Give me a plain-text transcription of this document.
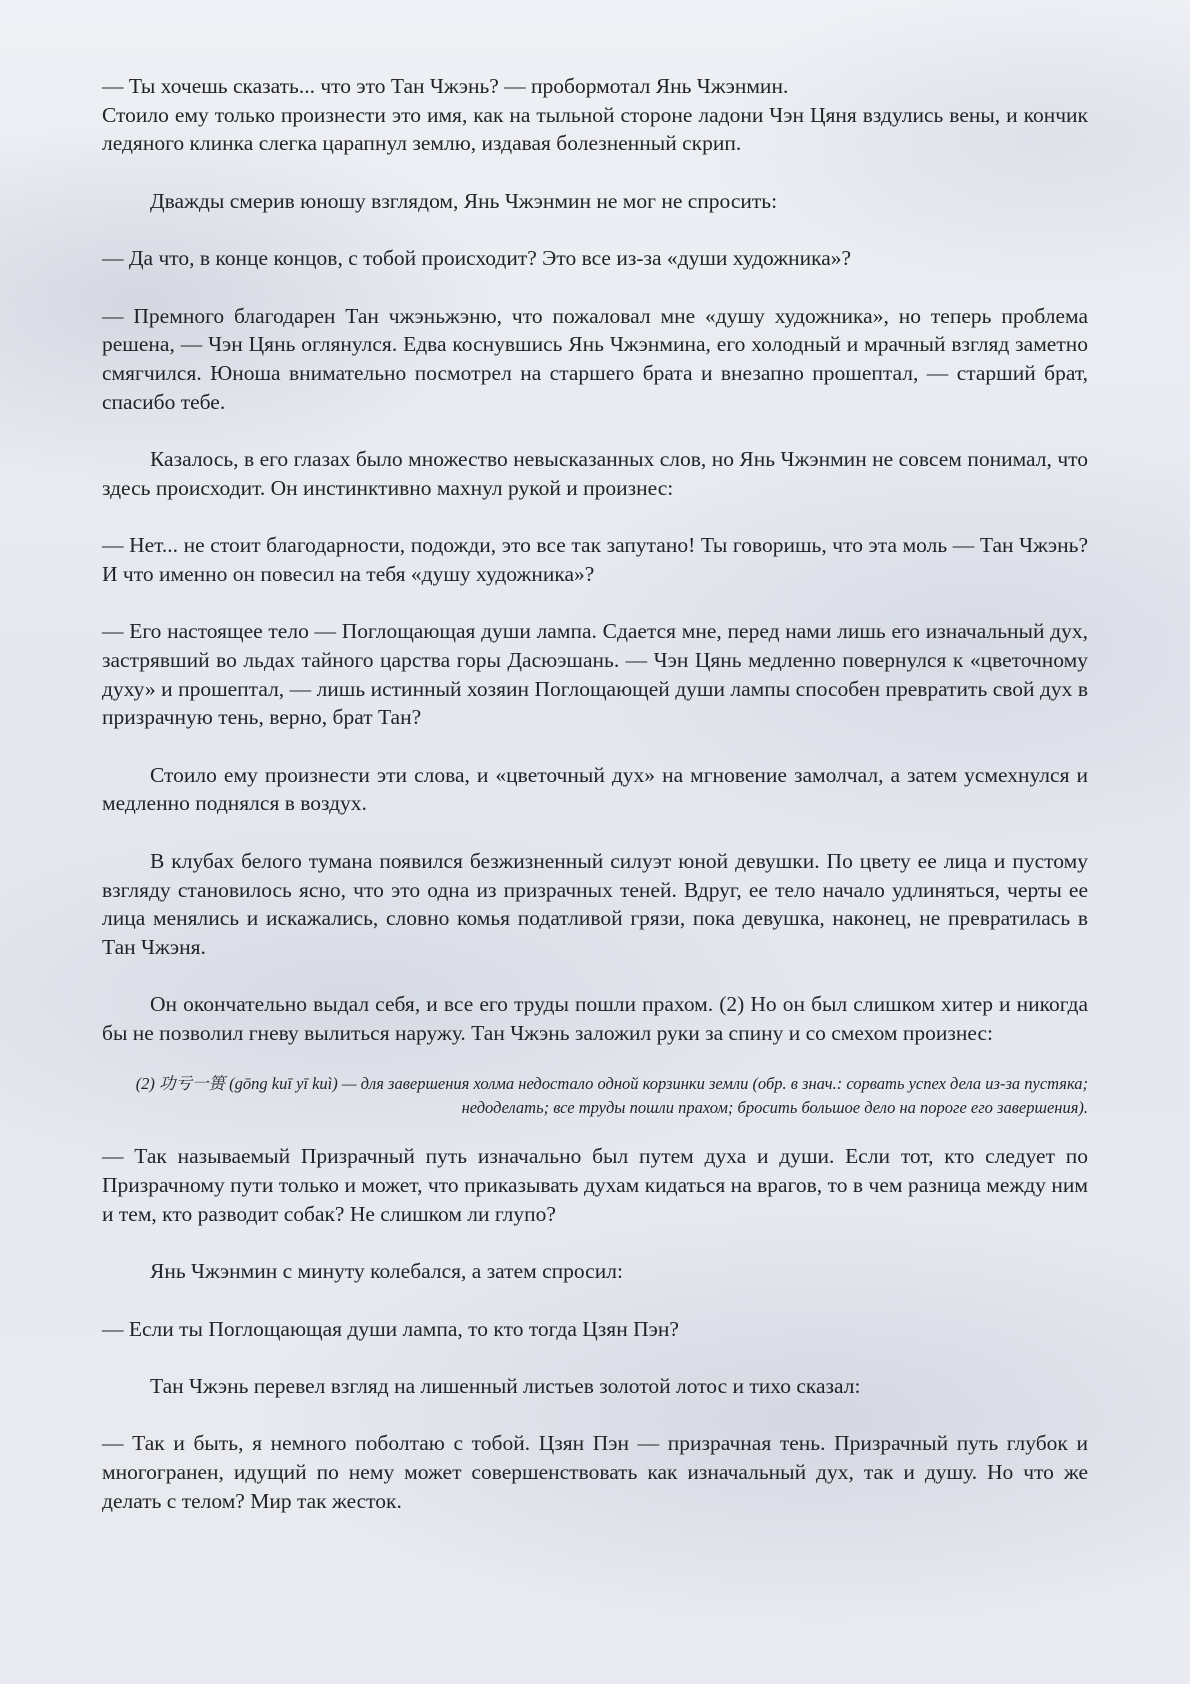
— Ты хочешь сказать... что это Тан Чжэнь? — пробормотал Янь Чжэнмин.
Стоило ему только произнести это имя, как на тыльной стороне ладони Чэн Цяня вздулись вены, и кончик ледяного клинка слегка царапнул землю, издавая болезненный скрип.
Дважды смерив юношу взглядом, Янь Чжэнмин не мог не спросить:
— Да что, в конце концов, с тобой происходит? Это все из-за «души художника»?
— Премного благодарен Тан чжэньжэню, что пожаловал мне «душу художника», но теперь проблема решена, — Чэн Цянь оглянулся. Едва коснувшись Янь Чжэнмина, его холодный и мрачный взгляд заметно смягчился. Юноша внимательно посмотрел на старшего брата и внезапно прошептал, — старший брат, спасибо тебе.
Казалось, в его глазах было множество невысказанных слов, но Янь Чжэнмин не совсем понимал, что здесь происходит. Он инстинктивно махнул рукой и произнес:
— Нет... не стоит благодарности, подожди, это все так запутано! Ты говоришь, что эта моль — Тан Чжэнь? И что именно он повесил на тебя «душу художника»?
— Его настоящее тело — Поглощающая души лампа. Сдается мне, перед нами лишь его изначальный дух, застрявший во льдах тайного царства горы Дасюэшань. — Чэн Цянь медленно повернулся к «цветочному духу» и прошептал, — лишь истинный хозяин Поглощающей души лампы способен превратить свой дух в призрачную тень, верно, брат Тан?
Стоило ему произнести эти слова, и «цветочный дух» на мгновение замолчал, а затем усмехнулся и медленно поднялся в воздух.
В клубах белого тумана появился безжизненный силуэт юной девушки. По цвету ее лица и пустому взгляду становилось ясно, что это одна из призрачных теней. Вдруг, ее тело начало удлиняться, черты ее лица менялись и искажались, словно комья податливой грязи, пока девушка, наконец, не превратилась в Тан Чжэня.
Он окончательно выдал себя, и все его труды пошли прахом. (2) Но он был слишком хитер и никогда бы не позволил гневу вылиться наружу. Тан Чжэнь заложил руки за спину и со смехом произнес:
(2) 功亏一篑 (gōng kuī yī kuì) — для завершения холма недостало одной корзинки земли (обр. в знач.: сорвать успех дела из-за пустяка; недоделать; все труды пошли прахом; бросить большое дело на пороге его завершения).
— Так называемый Призрачный путь изначально был путем духа и души. Если тот, кто следует по Призрачному пути только и может, что приказывать духам кидаться на врагов, то в чем разница между ним и тем, кто разводит собак? Не слишком ли глупо?
Янь Чжэнмин с минуту колебался, а затем спросил:
— Если ты Поглощающая души лампа, то кто тогда Цзян Пэн?
Тан Чжэнь перевел взгляд на лишенный листьев золотой лотос и тихо сказал:
— Так и быть, я немного поболтаю с тобой. Цзян Пэн — призрачная тень. Призрачный путь глубок и многогранен, идущий по нему может совершенствовать как изначальный дух, так и душу. Но что же делать с телом? Мир так жесток.
